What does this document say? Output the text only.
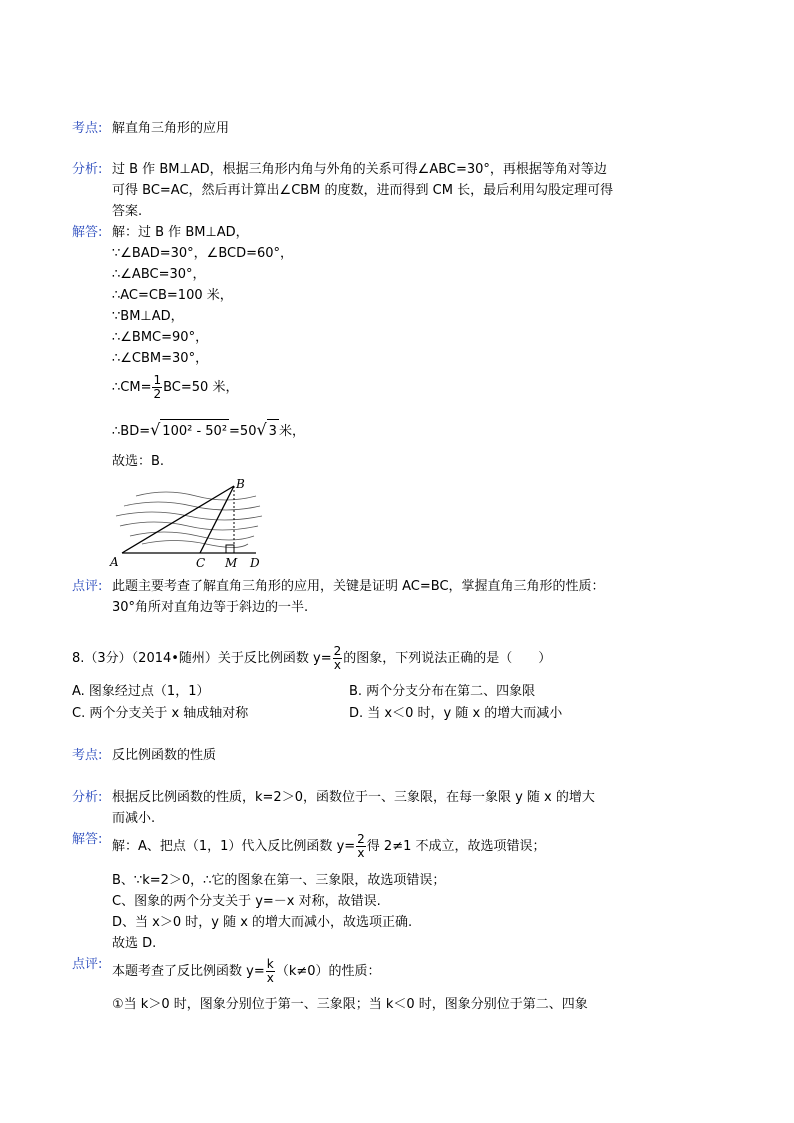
考点: 解直角三角形的应用
分析: 过 B 作 BM⊥AD，根据三角形内角与外角的关系可得∠ABC=30°，再根据等角对等边
可得 BC=AC，然后再计算出∠CBM 的度数，进而得到 CM 长，最后利用勾股定理可得
答案.
解答: 解：过 B 作 BM⊥AD，
∵∠BAD=30°，∠BCD=60°，
∴∠ABC=30°，
∴AC=CB=100 米，
∵BM⊥AD，
∴∠BMC=90°，
∴∠CBM=30°，
∴CM= $\frac{1}{2} BC=50$ 米，
∴BD=√ 100² - 50² =50√ 3 米，
故选：B.
B
A	C M D
点评: 此题主要考查了解直角三角形的应用，关键是证明 AC=BC，掌握直角三角形的性质：
30°角所对直角边等于斜边的一半.
8.（3分）（2014•随州）关于反比例函数 $y= \frac{2}{x}$ 的图象，下列说法正确的是（　　）
A. 图象经过点（1，1）	B. 两个分支分布在第二、四象限
C. 两个分支关于 x 轴成轴对称	D. 当 x＜0 时，y 随 x 的增大而减小
考点: 反比例函数的性质
分析: 根据反比例函数的性质，k=2＞0，函数位于一、三象限，在每一象限 y 随 x 的增大
而减小.
解答: 解：A、把点（1，1）代入反比例函数 $y= \frac{2}{x}$ 得 2≠1 不成立，故选项错误；
B、∵k=2＞0，∴它的图象在第一、三象限，故选项错误；
C、图象的两个分支关于 y=－x 对称，故错误.
D、当 x＞0 时，y 随 x 的增大而减小，故选项正确.
故选 D.
点评: 本题考查了反比例函数 $y= \frac{k}{x} (k\ne 0)$的性质：
①当 k＞0 时，图象分别位于第一、三象限；当 k＜0 时，图象分别位于第二、四象
